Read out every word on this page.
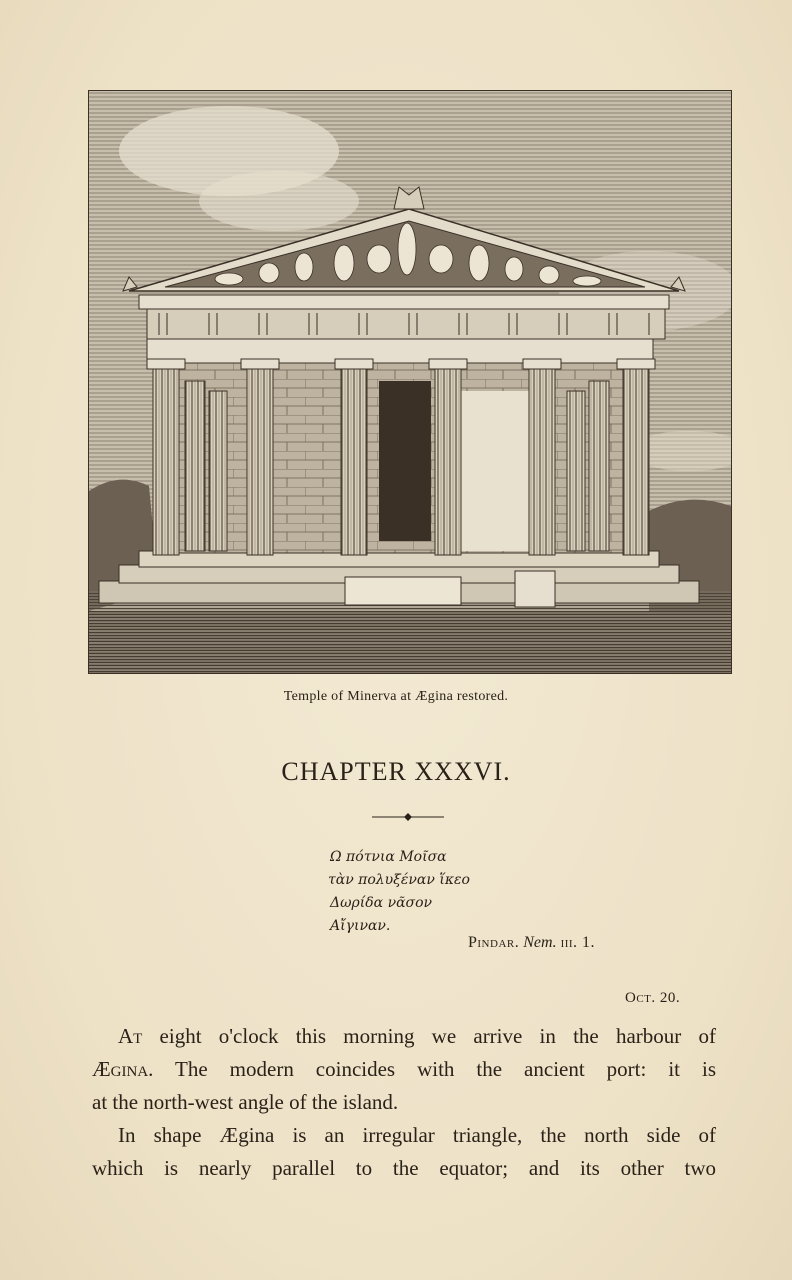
Temple of Minerva at Ægina restored.
CHAPTER XXXVI.
Ω πότνια Μοῖσα
τὰν πολυξέναν ἵκεο
Δωρίδα νᾶσον
Αἴγιναν.
Pindar. Nem. iii. 1.
Oct. 20.

At eight o'clock this morning we arrive in the harbour of
Ægina. The modern coincides with the ancient port: it is
at the north-west angle of the island.

In shape Ægina is an irregular triangle, the north side of
which is nearly parallel to the equator; and its other two
